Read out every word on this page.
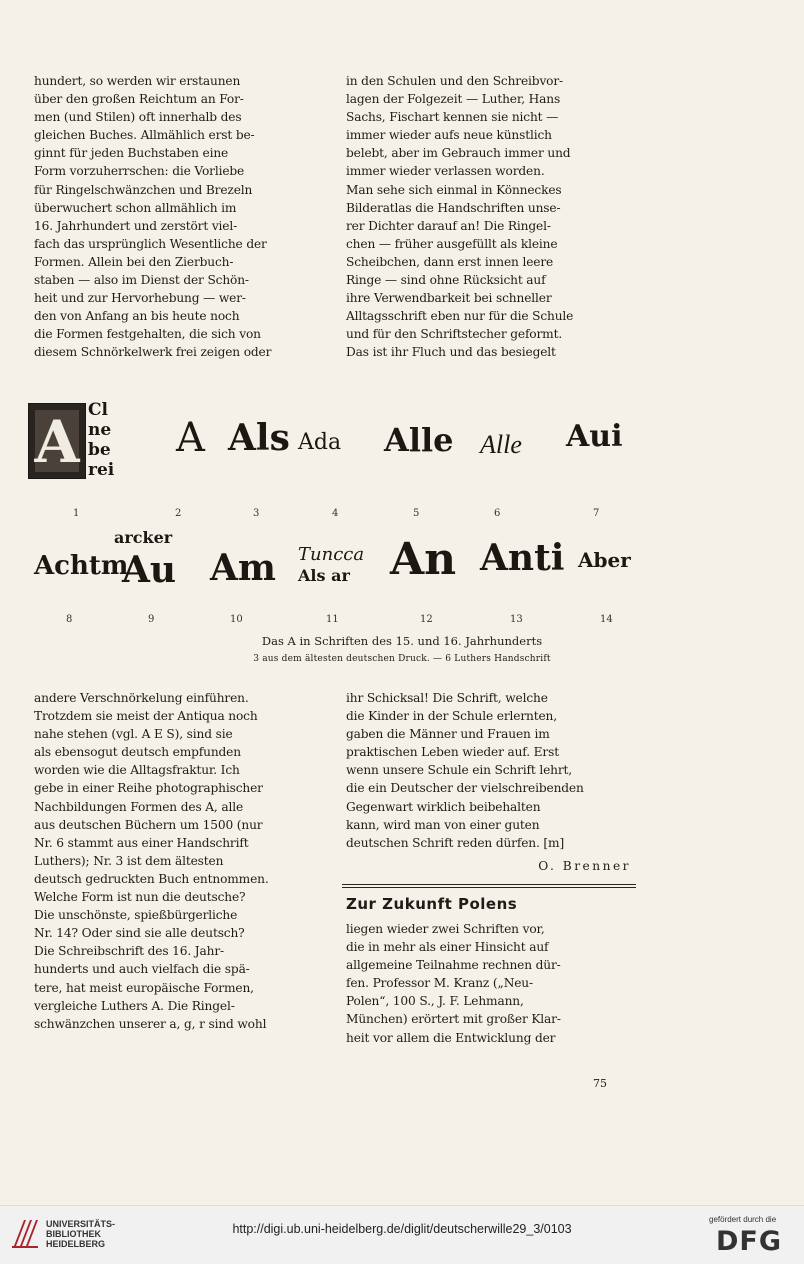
hundert, so werden wir erstaunen
über den großen Reichtum an For-
men (und Stilen) oft innerhalb des
gleichen Buches. Allmählich erst be-
ginnt für jeden Buchstaben eine
Form vorzuherrschen: die Vorliebe
für Ringelschwänzchen und Brezeln
überwuchert schon allmählich im
16. Jahrhundert und zerstört viel-
fach das ursprünglich Wesentliche der
Formen. Allein bei den Zierbuch-
staben — also im Dienst der Schön-
heit und zur Hervorhebung — wer-
den von Anfang an bis heute noch
die Formen festgehalten, die sich von
diesem Schnörkelwerk frei zeigen oder
in den Schulen und den Schreibvor-
lagen der Folgezeit — Luther, Hans
Sachs, Fischart kennen sie nicht —
immer wieder aufs neue künstlich
belebt, aber im Gebrauch immer und
immer wieder verlassen worden.
Man sehe sich einmal in Könneckes
Bilderatlas die Handschriften unse-
rer Dichter darauf an! Die Ringel-
chen — früher ausgefüllt als kleine
Scheibchen, dann erst innen leere
Ringe — sind ohne Rücksicht auf
ihre Verwendbarkeit bei schneller
Alltagsschrift eben nur für die Schule
und für den Schriftstecher geformt.
Das ist ihr Fluch und das besiegelt
A Cl
ne
be
rei
A Als Ada Alle Alle Aui
1	2	3	4	5	6	7
Achtm
arcker
Au Am Tuncca
Als ar An Anti Aber
8	9	10	11	12	13	14
Das A in Schriften des 15. und 16. Jahrhunderts
3 aus dem ältesten deutschen Druck. — 6 Luthers Handschrift
andere Verschnörkelung einführen.
Trotzdem sie meist der Antiqua noch
nahe stehen (vgl. A E S), sind sie
als ebensogut deutsch empfunden
worden wie die Alltagsfraktur. Ich
gebe in einer Reihe photographischer
Nachbildungen Formen des A, alle
aus deutschen Büchern um 1500 (nur
Nr. 6 stammt aus einer Handschrift
Luthers); Nr. 3 ist dem ältesten
deutsch gedruckten Buch entnommen.
Welche Form ist nun die deutsche?
Die unschönste, spießbürgerliche
Nr. 14? Oder sind sie alle deutsch?
Die Schreibschrift des 16. Jahr-
hunderts und auch vielfach die spä-
tere, hat meist europäische Formen,
vergleiche Luthers A. Die Ringel-
schwänzchen unserer a, g, r sind wohl
ihr Schicksal! Die Schrift, welche
die Kinder in der Schule erlernten,
gaben die Männer und Frauen im
praktischen Leben wieder auf. Erst
wenn unsere Schule ein Schrift lehrt,
die ein Deutscher der vielschreibenden
Gegenwart wirklich beibehalten
kann, wird man von einer guten
deutschen Schrift reden dürfen. [m]
O. Brenner
Zur Zukunft Polens
liegen wieder zwei Schriften vor,
die in mehr als einer Hinsicht auf
allgemeine Teilnahme rechnen dür-
fen. Professor M. Kranz („Neu-
Polen“, 100 S., J. F. Lehmann,
München) erörtert mit großer Klar-
heit vor allem die Entwicklung der
75
UNIVERSITÄTS-
BIBLIOTHEK
HEIDELBERG
http://digi.ub.uni-heidelberg.de/diglit/deutscherwille29_3/0103
gefördert durch die
DFG
